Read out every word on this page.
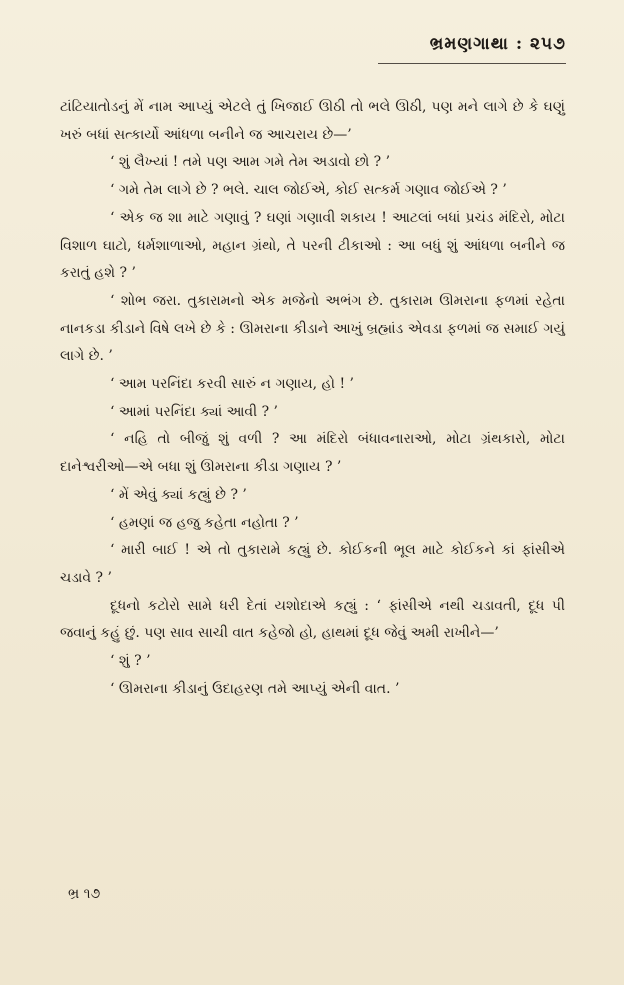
ભ્રમણગાથા : ૨૫૭

ટાંટિયાતોડનું મેં નામ આપ્યું એટલે તું ખિજાઈ ઊઠી તો ભલે ઊઠી, પણ મને લાગે છે કે ઘણું ખરું બધાં સત્કાર્યો આંધળા બનીને જ આચરાય છે—’

‘ શું લૈખ્યાં ! તમે પણ આમ ગમે તેમ અડાવો છો ? ’

‘ ગમે તેમ લાગે છે ? ભલે. ચાલ જોઈએ, કોઈ સત્કર્મ ગણાવ જોઈએ ? ’

‘ એક જ શા માટે ગણાવું ? ઘણાં ગણાવી શકાય ! આટલાં બધાં પ્રચંડ મંદિરો, મોટા વિશાળ ઘાટો, ધર્મશાળાઓ, મહાન ગ્રંથો, તે પરની ટીકાઓ : આ બધું શું આંધળા બનીને જ કરાતું હશે ? ’

‘ શોભ જરા. તુકારામનો એક મજેનો અભંગ છે. તુકારામ ઊમરાના ફળમાં રહેતા નાનકડા કીડાને વિષે લખે છે કે : ઊમરાના કીડાને આખું બ્રહ્માંડ એવડા ફળમાં જ સમાઈ ગયું લાગે છે. ’

‘ આમ પરનિંદા કરવી સારું ન ગણાય, હો ! ’

‘ આમાં પરનિંદા ક્યાં આવી ? ’

‘ નહિ તો બીજું શું વળી ? આ મંદિરો બંધાવનારાઓ, મોટા ગ્રંથકારો, મોટા દાનેશ્વરીઓ—એ બધા શું ઊમરાના કીડા ગણાય ? ’

‘ મેં એવું ક્યાં કહ્યું છે ? ’

‘ હમણાં જ હજુ કહેતા નહોતા ? ’

‘ મારી બાઈ ! એ તો તુકારામે કહ્યું છે. કોઈકની ભૂલ માટે કોઈકને કાં ફાંસીએ ચડાવે ? ’

દૂધનો કટોરો સામે ધરી દેતાં યશોદાએ કહ્યું : ‘ ફાંસીએ નથી ચડાવતી, દૂધ પી જવાનું કહું છું. પણ સાવ સાચી વાત કહેજો હો, હાથમાં દૂધ જેવું અમી રાખીને—’

‘ શું ? ’

‘ ઊમરાના કીડાનું ઉદાહરણ તમે આપ્યું એની વાત. ’

ભ્ર ૧૭
